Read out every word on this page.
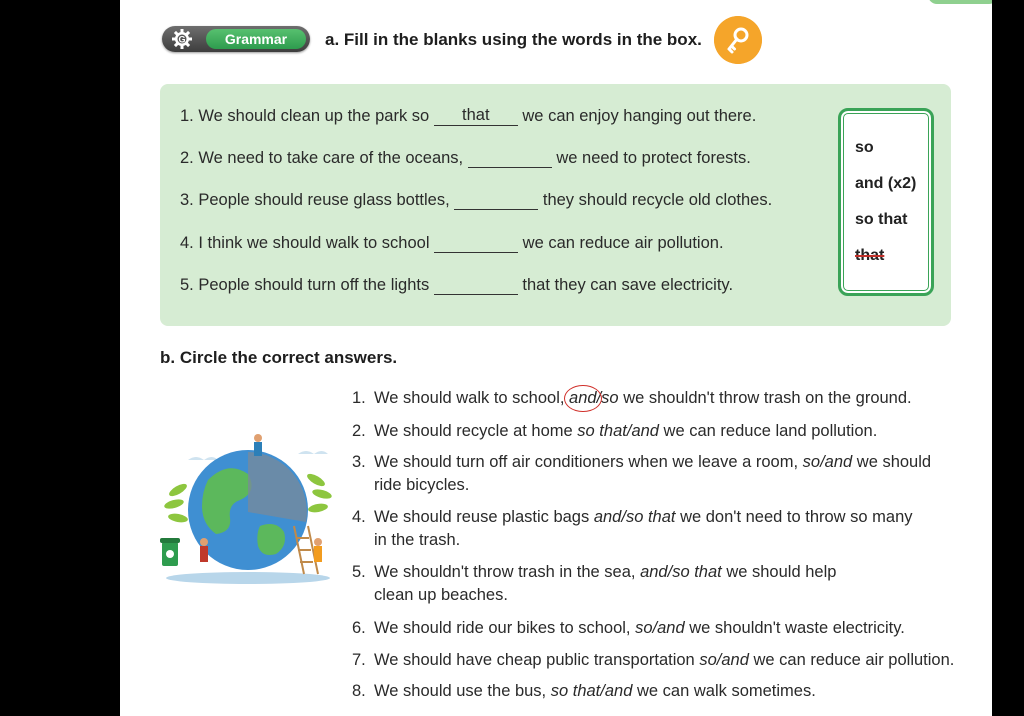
G	Grammar	a. Fill in the blanks using the words in the box.
1. We should clean up the park so that we can enjoy hanging out there.
2. We need to take care of the oceans,	we need to protect forests.
3. People should reuse glass bottles,	they should recycle old clothes.
4. I think we should walk to school	we can reduce air pollution.
5. People should turn off the lights	that they can save electricity.
so
and (x2)
so that
that
b. Circle the correct answers.
1. We should walk to school, and/so we shouldn't throw trash on the ground.
2. We should recycle at home so that/and we can reduce land pollution.
3. We should turn off air conditioners when we leave a room, so/and we should
ride bicycles.
4. We should reuse plastic bags and/so that we don't need to throw so many
in the trash.
5. We shouldn't throw trash in the sea, and/so that we should help
clean up beaches.
6. We should ride our bikes to school, so/and we shouldn't waste electricity.
7. We should have cheap public transportation so/and we can reduce air pollution.
8. We should use the bus, so that/and we can walk sometimes.
